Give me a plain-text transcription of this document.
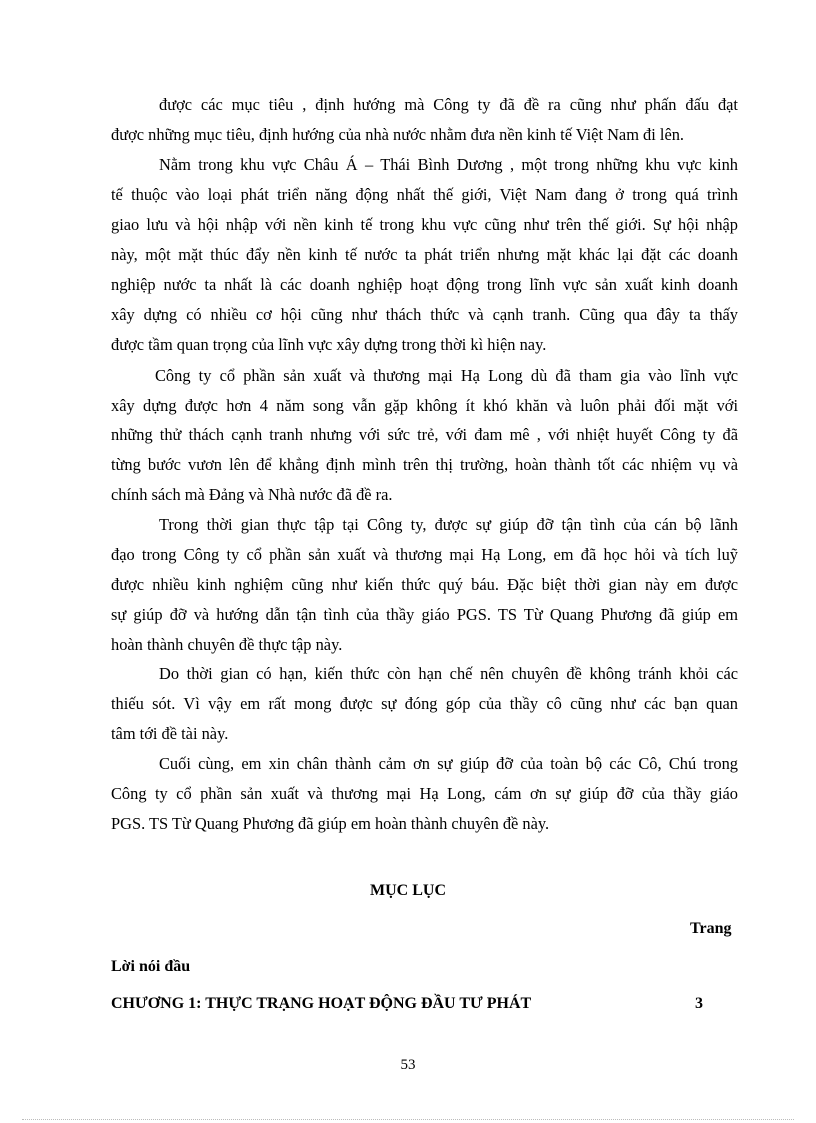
được các mục tiêu , định hướng mà Công ty đã đề ra cũng như phấn đấu đạt
được những mục tiêu, định hướng của nhà nước nhằm đưa nền kinh tế Việt Nam đi lên.
Nằm trong khu vực Châu Á – Thái Bình Dương , một trong những khu vực kinh
tế thuộc vào loại phát triển năng động nhất thế giới, Việt Nam đang ở trong quá trình
giao lưu và hội nhập với nền kinh tế trong khu vực cũng như trên thế giới. Sự hội nhập
này, một mặt thúc đẩy nền kinh tế nước ta phát triển nhưng mặt khác lại đặt các doanh
nghiệp nước ta nhất là các doanh nghiệp hoạt động trong lĩnh vực sản xuất kinh doanh
xây dựng có nhiều cơ hội cũng như thách thức và cạnh tranh. Cũng qua đây ta thấy
được tầm quan trọng của lĩnh vực xây dựng trong thời kì hiện nay.
Công ty cổ phần sản xuất và thương mại Hạ Long dù đã tham gia vào lĩnh vực
xây dựng được hơn 4 năm song vẫn gặp không ít khó khăn và luôn phải đối mặt với
những thử thách cạnh tranh nhưng với sức trẻ, với đam mê , với nhiệt huyết Công ty đã
từng bước vươn lên để khẳng định mình trên thị trường, hoàn thành tốt các nhiệm vụ và
chính sách mà Đảng và Nhà nước đã đề ra.
Trong thời gian thực tập tại Công ty, được sự giúp đỡ tận tình của cán bộ lãnh
đạo trong Công ty cổ phần sản xuất và thương mại Hạ Long, em đã học hỏi và tích luỹ
được nhiều kinh nghiệm cũng như kiến thức quý báu. Đặc biệt thời gian này em được
sự giúp đỡ và hướng dẫn tận tình của thầy giáo PGS. TS Từ Quang Phương đã giúp em
hoàn thành chuyên đề thực tập này.
Do thời gian có hạn, kiến thức còn hạn chế nên chuyên đề không tránh khỏi các
thiếu sót. Vì vậy em rất mong được sự đóng góp của thầy cô cũng như các bạn quan
tâm tới đề tài này.
Cuối cùng, em xin chân thành cảm ơn sự giúp đỡ của toàn bộ các Cô, Chú trong
Công ty cổ phần sản xuất và thương mại Hạ Long, cám ơn sự giúp đỡ của thầy giáo
PGS. TS Từ Quang Phương đã giúp em hoàn thành chuyên đề này.
MỤC LỤC
Trang
Lời nói đầu
CHƯƠNG 1: THỰC TRẠNG HOẠT ĐỘNG ĐẦU TƯ PHÁT	3
53
